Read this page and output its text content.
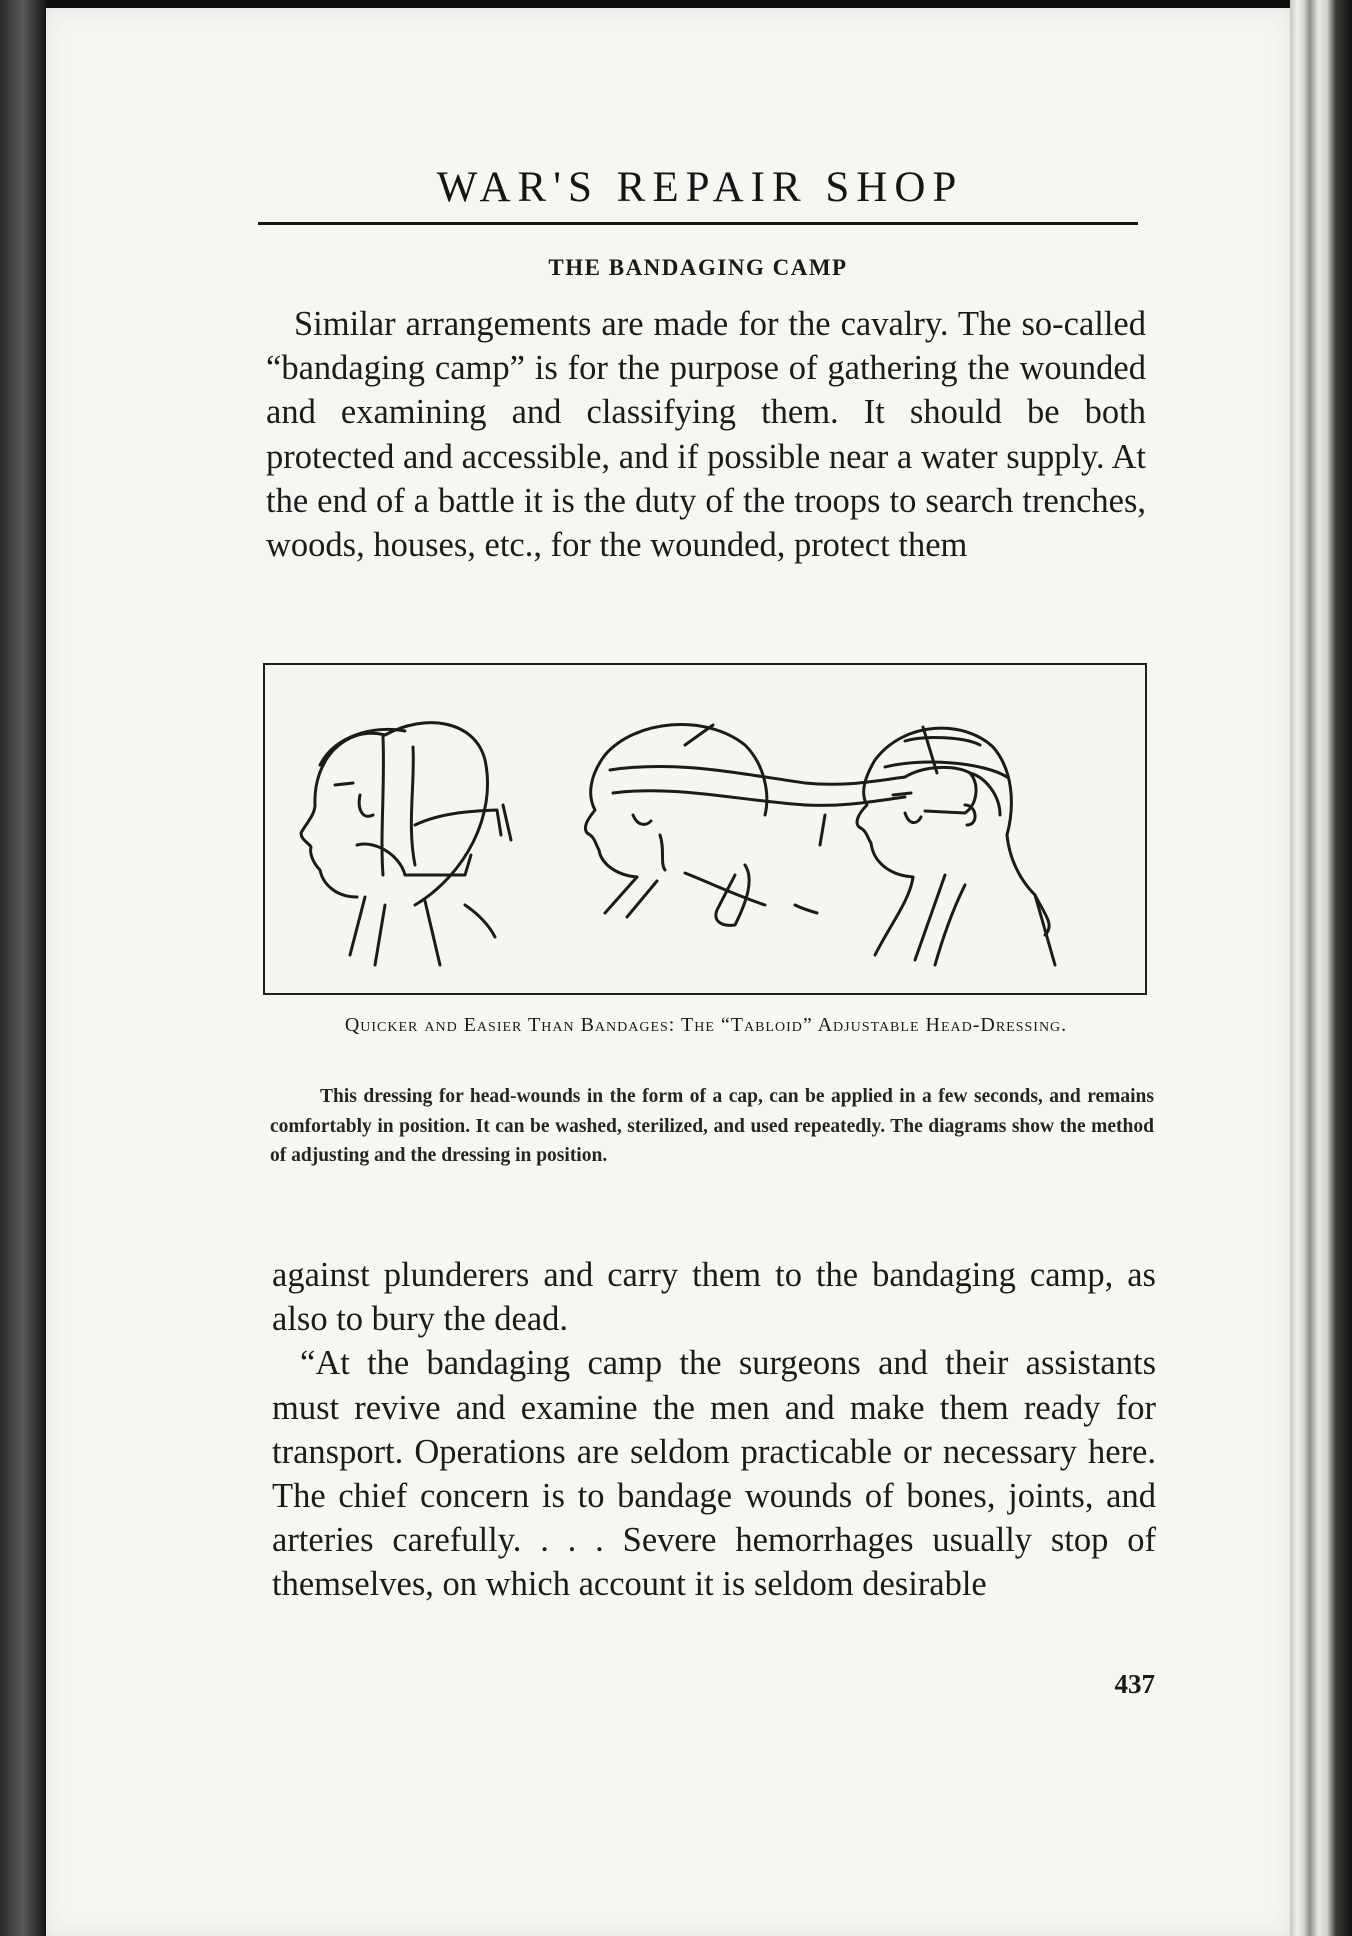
WAR'S REPAIR SHOP
THE BANDAGING CAMP

Similar arrangements are made for the cavalry. The so-called “bandaging camp” is for the purpose of gathering the wounded and examining and classifying them. It should be both protected and accessible, and if possible near a water supply. At the end of a battle it is the duty of the troops to search trenches, woods, houses, etc., for the wounded, protect them

Quicker and Easier Than Bandages: The “Tabloid” Adjustable Head-Dressing.

This dressing for head-wounds in the form of a cap, can be applied in a few seconds, and remains comfortably in position. It can be washed, sterilized, and used repeatedly. The diagrams show the method of adjusting and the dressing in position.

against plunderers and carry them to the bandaging camp, as also to bury the dead.

“At the bandaging camp the surgeons and their assistants must revive and examine the men and make them ready for transport. Operations are seldom practicable or necessary here. The chief concern is to bandage wounds of bones, joints, and arteries carefully. . . . Severe hemorrhages usually stop of themselves, on which account it is seldom desirable

437
